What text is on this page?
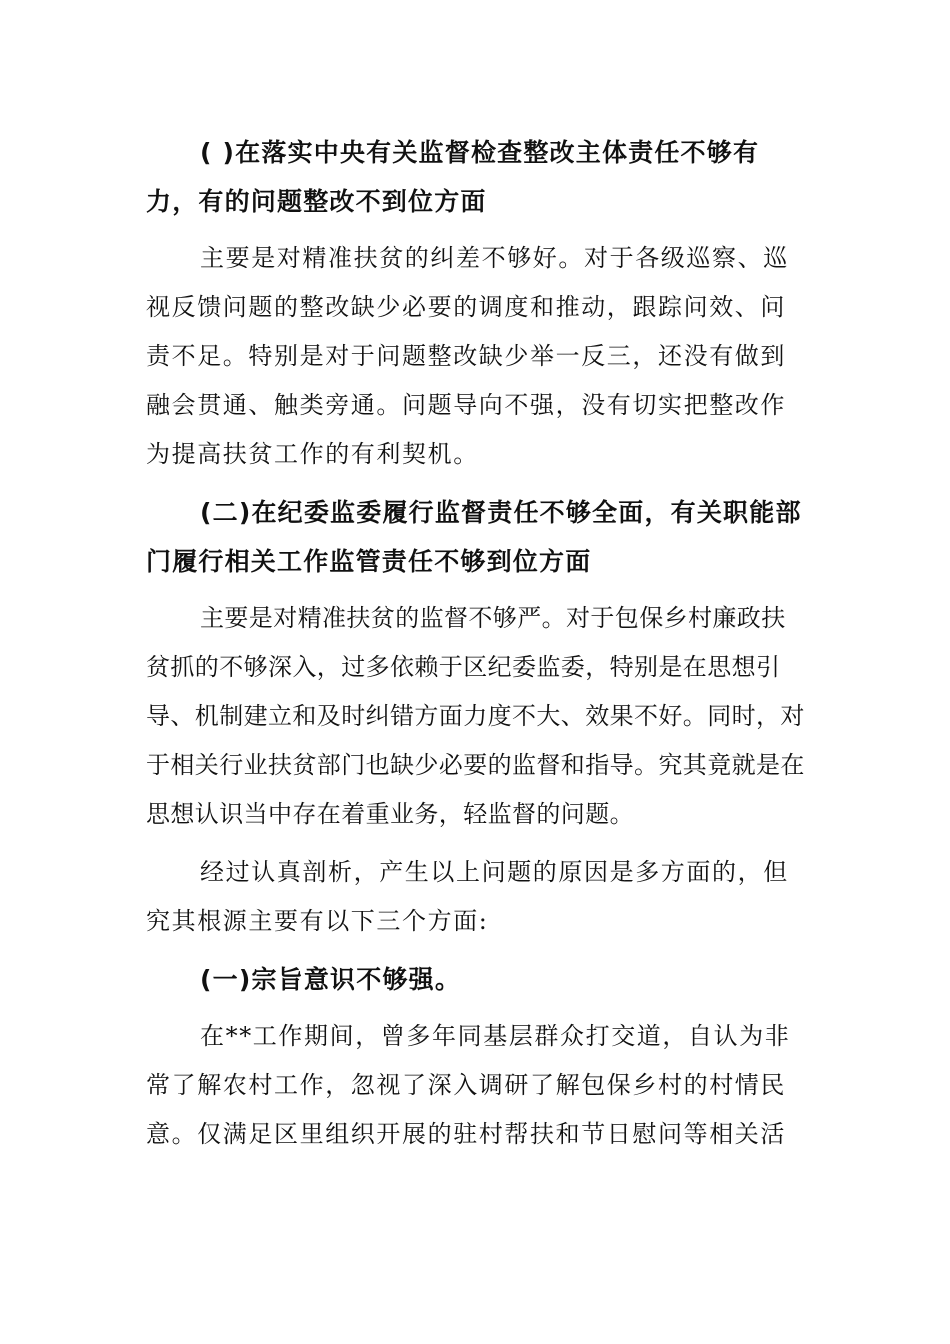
( )在落实中央有关监督检查整改主体责任不够有力，有的问题整改不到位方面

主要是对精准扶贫的纠差不够好。对于各级巡察、巡视反馈问题的整改缺少必要的调度和推动，跟踪问效、问责不足。特别是对于问题整改缺少举一反三，还没有做到融会贯通、触类旁通。问题导向不强，没有切实把整改作为提高扶贫工作的有利契机。

(二)在纪委监委履行监督责任不够全面，有关职能部门履行相关工作监管责任不够到位方面

主要是对精准扶贫的监督不够严。对于包保乡村廉政扶贫抓的不够深入，过多依赖于区纪委监委，特别是在思想引导、机制建立和及时纠错方面力度不大、效果不好。同时，对于相关行业扶贫部门也缺少必要的监督和指导。究其竟就是在思想认识当中存在着重业务，轻监督的问题。

经过认真剖析，产生以上问题的原因是多方面的，但究其根源主要有以下三个方面:

(一)宗旨意识不够强。

在**工作期间，曾多年同基层群众打交道，自认为非常了解农村工作，忽视了深入调研了解包保乡村的村情民意。仅满足区里组织开展的驻村帮扶和节日慰问等相关活
